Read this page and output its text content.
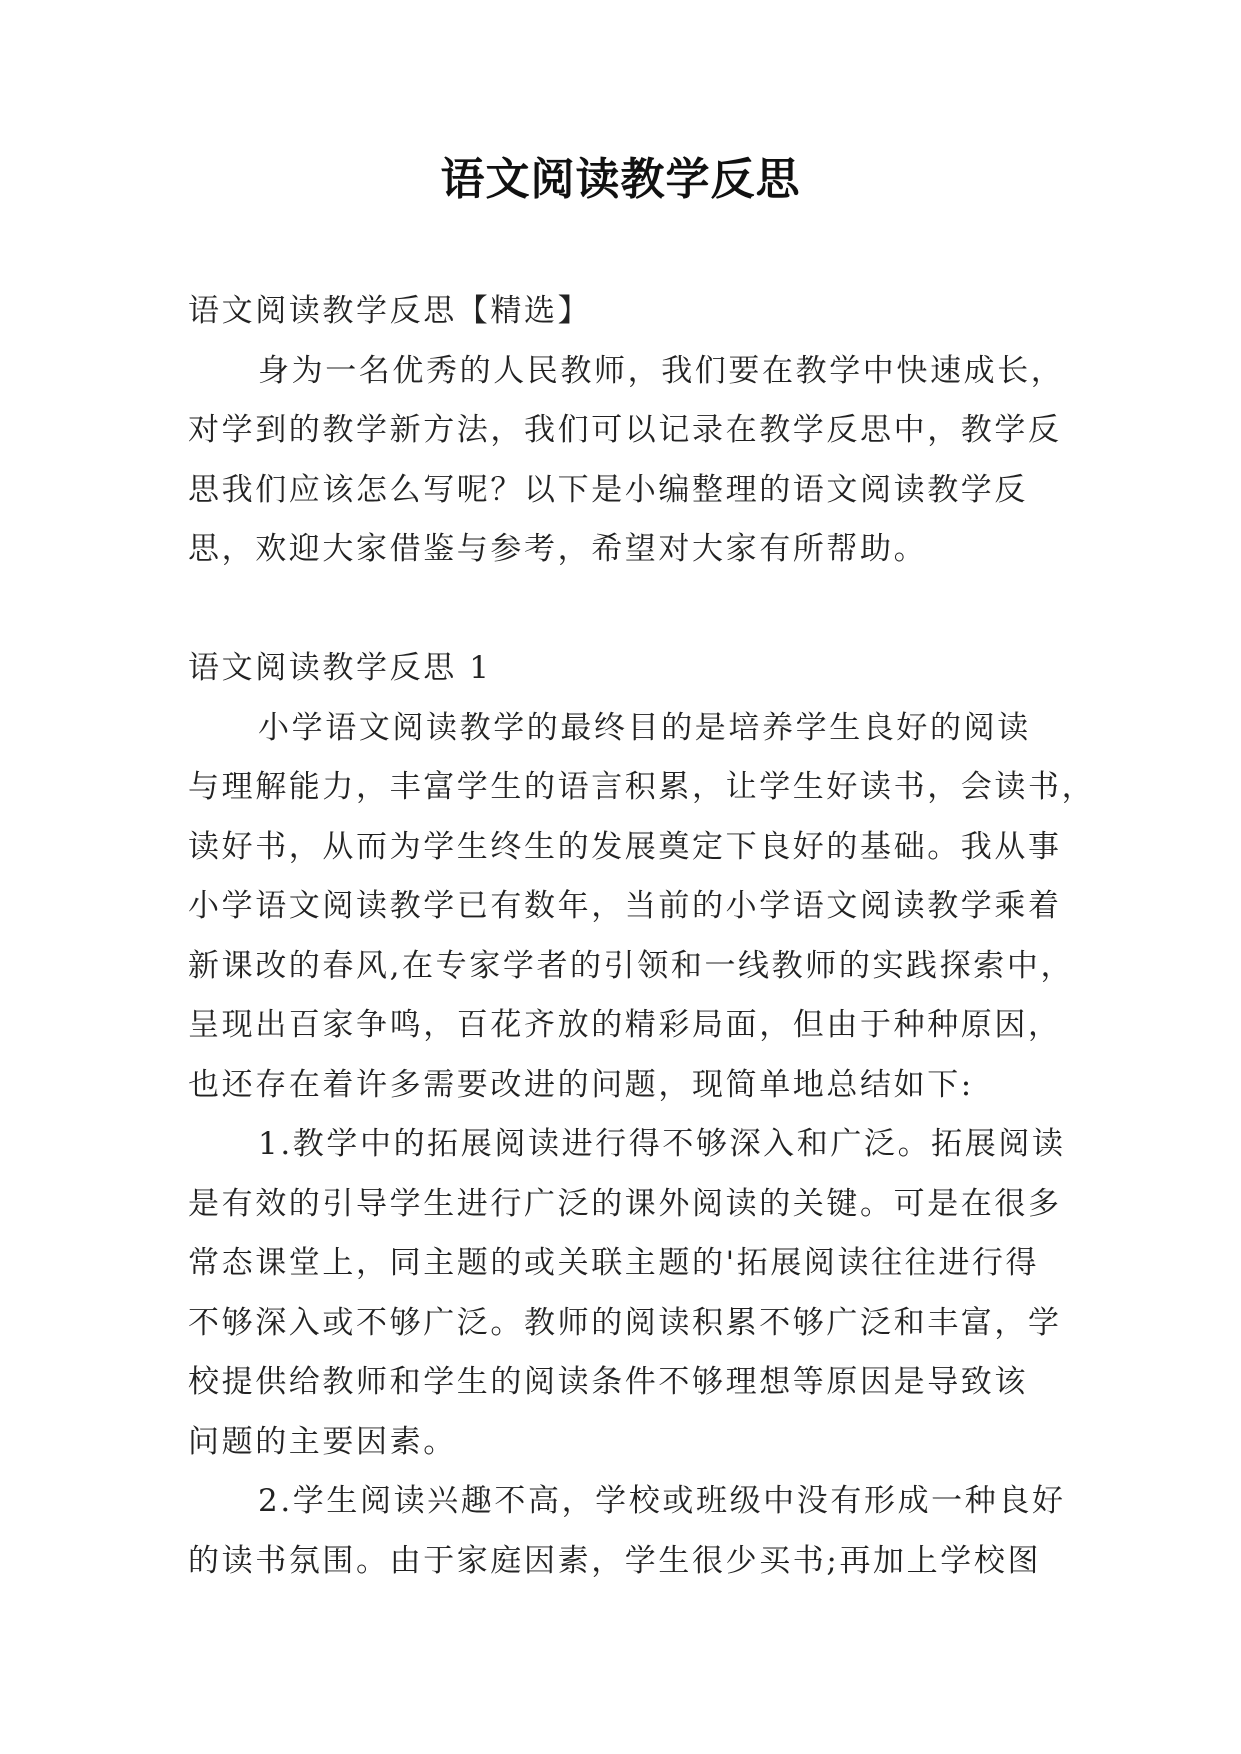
语文阅读教学反思
语文阅读教学反思【精选】
身为一名优秀的人民教师，我们要在教学中快速成长，
对学到的教学新方法，我们可以记录在教学反思中，教学反
思我们应该怎么写呢？以下是小编整理的语文阅读教学反
思，欢迎大家借鉴与参考，希望对大家有所帮助。
语文阅读教学反思 1
小学语文阅读教学的最终目的是培养学生良好的阅读
与理解能力，丰富学生的语言积累，让学生好读书，会读书，
读好书，从而为学生终生的发展奠定下良好的基础。我从事
小学语文阅读教学已有数年，当前的小学语文阅读教学乘着
新课改的春风,在专家学者的引领和一线教师的实践探索中，
呈现出百家争鸣，百花齐放的精彩局面，但由于种种原因，
也还存在着许多需要改进的问题，现简单地总结如下:
1.教学中的拓展阅读进行得不够深入和广泛。拓展阅读
是有效的引导学生进行广泛的课外阅读的关键。可是在很多
常态课堂上，同主题的或关联主题的'拓展阅读往往进行得
不够深入或不够广泛。教师的阅读积累不够广泛和丰富，学
校提供给教师和学生的阅读条件不够理想等原因是导致该
问题的主要因素。
2.学生阅读兴趣不高，学校或班级中没有形成一种良好
的读书氛围。由于家庭因素，学生很少买书;再加上学校图
